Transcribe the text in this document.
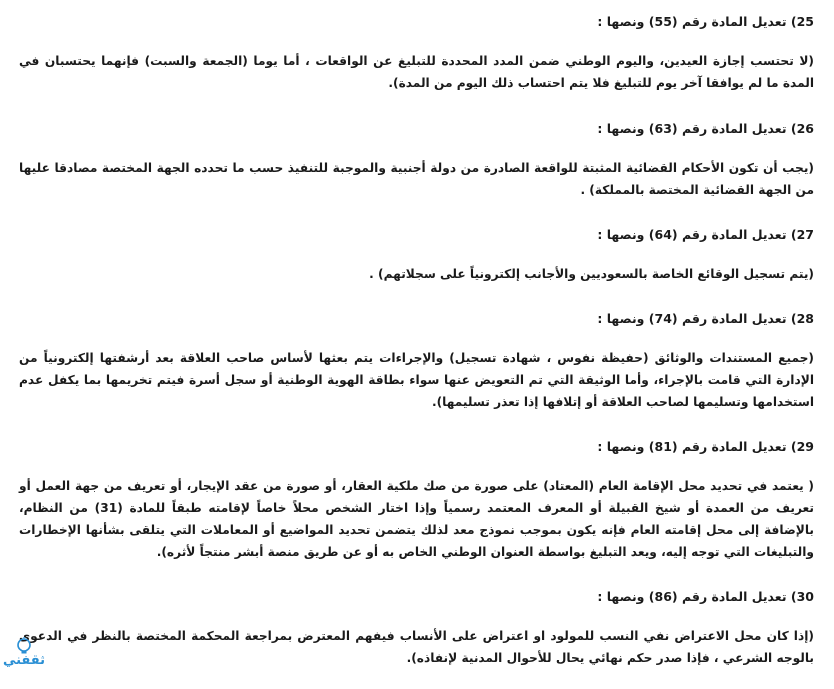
25) تعديل المادة رقم (55) ونصها :

(لا تحتسب إجازة العيدين، واليوم الوطني ضمن المدد المحددة للتبليغ عن الواقعات ، أما يوما (الجمعة والسبت) فإنهما يحتسبان في المدة ما لم يوافقا آخر يوم للتبليغ فلا يتم احتساب ذلك اليوم من المدة).

26) تعديل المادة رقم (63) ونصها :

(يجب أن تكون الأحكام القضائية المثبتة للواقعة الصادرة من دولة أجنبية والموجبة للتنفيذ حسب ما تحدده الجهة المختصة مصادقا عليها من الجهة القضائية المختصة بالمملكة) .

27) تعديل المادة رقم (64) ونصها :

(يتم تسجيل الوقائع الخاصة بالسعوديين والأجانب إلكترونياً على سجلاتهم) .

28) تعديل المادة رقم (74) ونصها :

(جميع المستندات والوثائق (حفيظة نفوس ، شهادة تسجيل) والإجراءات يتم بعثها لأساس صاحب العلاقة بعد أرشفتها إلكترونياً من الإدارة التي قامت بالإجراء، وأما الوثيقة التي تم التعويض عنها سواء بطاقة الهوية الوطنية أو سجل أسرة فيتم تخريمها بما يكفل عدم استخدامها وتسليمها لصاحب العلاقة أو إتلافها إذا تعذر تسليمها).

29) تعديل المادة رقم (81) ونصها :

( يعتمد في تحديد محل الإقامة العام (المعتاد) على صورة من صك ملكية العقار، أو صورة من عقد الإيجار، أو تعريف من جهة العمل أو تعريف من العمدة أو شيخ القبيلة أو المعرف المعتمد رسمياً وإذا اختار الشخص محلاً خاصاً لإقامته طبقاً للمادة (31) من النظام، بالإضافة إلى محل إقامته العام فإنه يكون بموجب نموذج معد لذلك يتضمن تحديد المواضيع أو المعاملات التي يتلقى بشأنها الإخطارات والتبليغات التي توجه إليه، ويعد التبليغ بواسطة العنوان الوطني الخاص به أو عن طريق منصة أبشر منتجاً لأثره).

30) تعديل المادة رقم (86) ونصها :

(إذا كان محل الاعتراض نفي النسب للمولود او اعتراض على الأنساب فيفهم المعترض بمراجعة المحكمة المختصة بالنظر في الدعوى بالوجه الشرعي ، فإذا صدر حكم نهائي يحال للأحوال المدنية لإنفاذه).

ثقفني
